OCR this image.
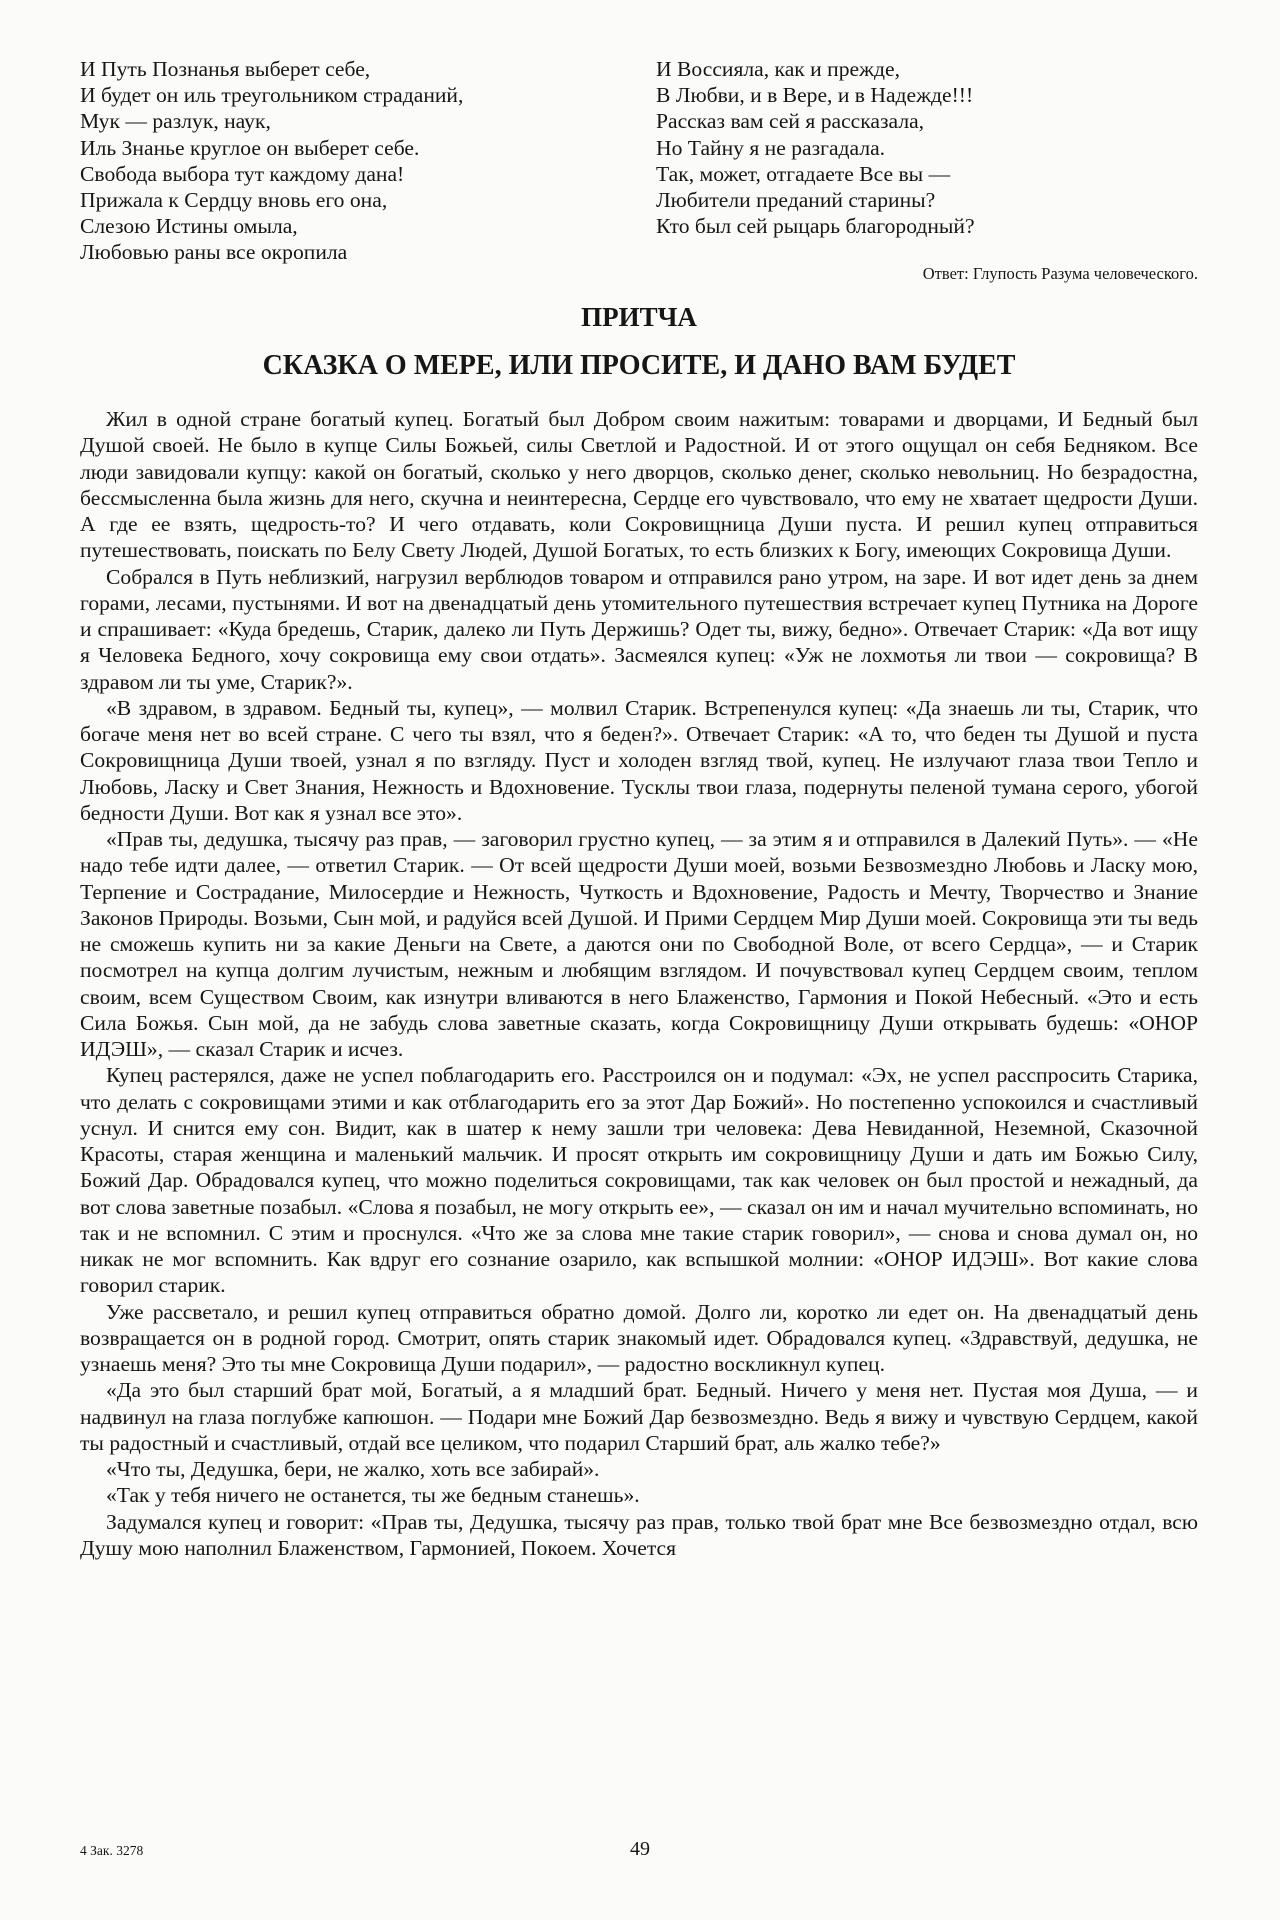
И Путь Познанья выберет себе,
И будет он иль треугольником страданий,
Мук — разлук, наук,
Иль Знанье круглое он выберет себе.
Свобода выбора тут каждому дана!
Прижала к Сердцу вновь его она,
Слезою Истины омыла,
Любовью раны все окропила
И Воссияла, как и прежде,
В Любви, и в Вере, и в Надежде!!!
Рассказ вам сей я рассказала,
Но Тайну я не разгадала.
Так, может, отгадаете Все вы —
Любители преданий старины?
Кто был сей рыцарь благородный?
Ответ: Глупость Разума человеческого.
ПРИТЧА
СКАЗКА О МЕРЕ, ИЛИ ПРОСИТЕ, И ДАНО ВАМ БУДЕТ

Жил в одной стране богатый купец. Богатый был Добром своим нажитым: товарами и дворцами, И Бедный был Душой своей. Не было в купце Силы Божьей, силы Светлой и Радостной. И от этого ощущал он себя Бедняком. Все люди завидовали купцу: какой он богатый, сколько у него дворцов, сколько денег, сколько невольниц. Но безрадостна, бессмысленна была жизнь для него, скучна и неинтересна, Сердце его чувствовало, что ему не хватает щедрости Души. А где ее взять, щедрость-то? И чего отдавать, коли Сокровищница Души пуста. И решил купец отправиться путешествовать, поискать по Белу Свету Людей, Душой Богатых, то есть близких к Богу, имеющих Сокровища Души.

Собрался в Путь неблизкий, нагрузил верблюдов товаром и отправился рано утром, на заре. И вот идет день за днем горами, лесами, пустынями. И вот на двенадцатый день утомительного путешествия встречает купец Путника на Дороге и спрашивает: «Куда бредешь, Старик, далеко ли Путь Держишь? Одет ты, вижу, бедно». Отвечает Старик: «Да вот ищу я Человека Бедного, хочу сокровища ему свои отдать». Засмеялся купец: «Уж не лохмотья ли твои — сокровища? В здравом ли ты уме, Старик?».

«В здравом, в здравом. Бедный ты, купец», — молвил Старик. Встрепенулся купец: «Да знаешь ли ты, Старик, что богаче меня нет во всей стране. С чего ты взял, что я беден?». Отвечает Старик: «А то, что беден ты Душой и пуста Сокровищница Души твоей, узнал я по взгляду. Пуст и холоден взгляд твой, купец. Не излучают глаза твои Тепло и Любовь, Ласку и Свет Знания, Нежность и Вдохновение. Тусклы твои глаза, подернуты пеленой тумана серого, убогой бедности Души. Вот как я узнал все это».

«Прав ты, дедушка, тысячу раз прав, — заговорил грустно купец, — за этим я и отправился в Далекий Путь». — «Не надо тебе идти далее, — ответил Старик. — От всей щедрости Души моей, возьми Безвозмездно Любовь и Ласку мою, Терпение и Сострадание, Милосердие и Нежность, Чуткость и Вдохновение, Радость и Мечту, Творчество и Знание Законов Природы. Возьми, Сын мой, и радуйся всей Душой. И Прими Сердцем Мир Души моей. Сокровища эти ты ведь не сможешь купить ни за какие Деньги на Свете, а даются они по Свободной Воле, от всего Сердца», — и Старик посмотрел на купца долгим лучистым, нежным и любящим взглядом. И почувствовал купец Сердцем своим, теплом своим, всем Существом Своим, как изнутри вливаются в него Блаженство, Гармония и Покой Небесный. «Это и есть Сила Божья. Сын мой, да не забудь слова заветные сказать, когда Сокровищницу Души открывать будешь: «ОНОР ИДЭШ», — сказал Старик и исчез.

Купец растерялся, даже не успел поблагодарить его. Расстроился он и подумал: «Эх, не успел расспросить Старика, что делать с сокровищами этими и как отблагодарить его за этот Дар Божий». Но постепенно успокоился и счастливый уснул. И снится ему сон. Видит, как в шатер к нему зашли три человека: Дева Невиданной, Неземной, Сказочной Красоты, старая женщина и маленький мальчик. И просят открыть им сокровищницу Души и дать им Божью Силу, Божий Дар. Обрадовался купец, что можно поделиться сокровищами, так как человек он был простой и нежадный, да вот слова заветные позабыл. «Слова я позабыл, не могу открыть ее», — сказал он им и начал мучительно вспоминать, но так и не вспомнил. С этим и проснулся. «Что же за слова мне такие старик говорил», — снова и снова думал он, но никак не мог вспомнить. Как вдруг его сознание озарило, как вспышкой молнии: «ОНОР ИДЭШ». Вот какие слова говорил старик.

Уже рассветало, и решил купец отправиться обратно домой. Долго ли, коротко ли едет он. На двенадцатый день возвращается он в родной город. Смотрит, опять старик знакомый идет. Обрадовался купец. «Здравствуй, дедушка, не узнаешь меня? Это ты мне Сокровища Души подарил», — радостно воскликнул купец.

«Да это был старший брат мой, Богатый, а я младший брат. Бедный. Ничего у меня нет. Пустая моя Душа, — и надвинул на глаза поглубже капюшон. — Подари мне Божий Дар безвозмездно. Ведь я вижу и чувствую Сердцем, какой ты радостный и счастливый, отдай все целиком, что подарил Старший брат, аль жалко тебе?»

«Что ты, Дедушка, бери, не жалко, хоть все забирай».

«Так у тебя ничего не останется, ты же бедным станешь».

Задумался купец и говорит: «Прав ты, Дедушка, тысячу раз прав, только твой брат мне Все безвозмездно отдал, всю Душу мою наполнил Блаженством, Гармонией, Покоем. Хочется

4 Зак. 3278	49
